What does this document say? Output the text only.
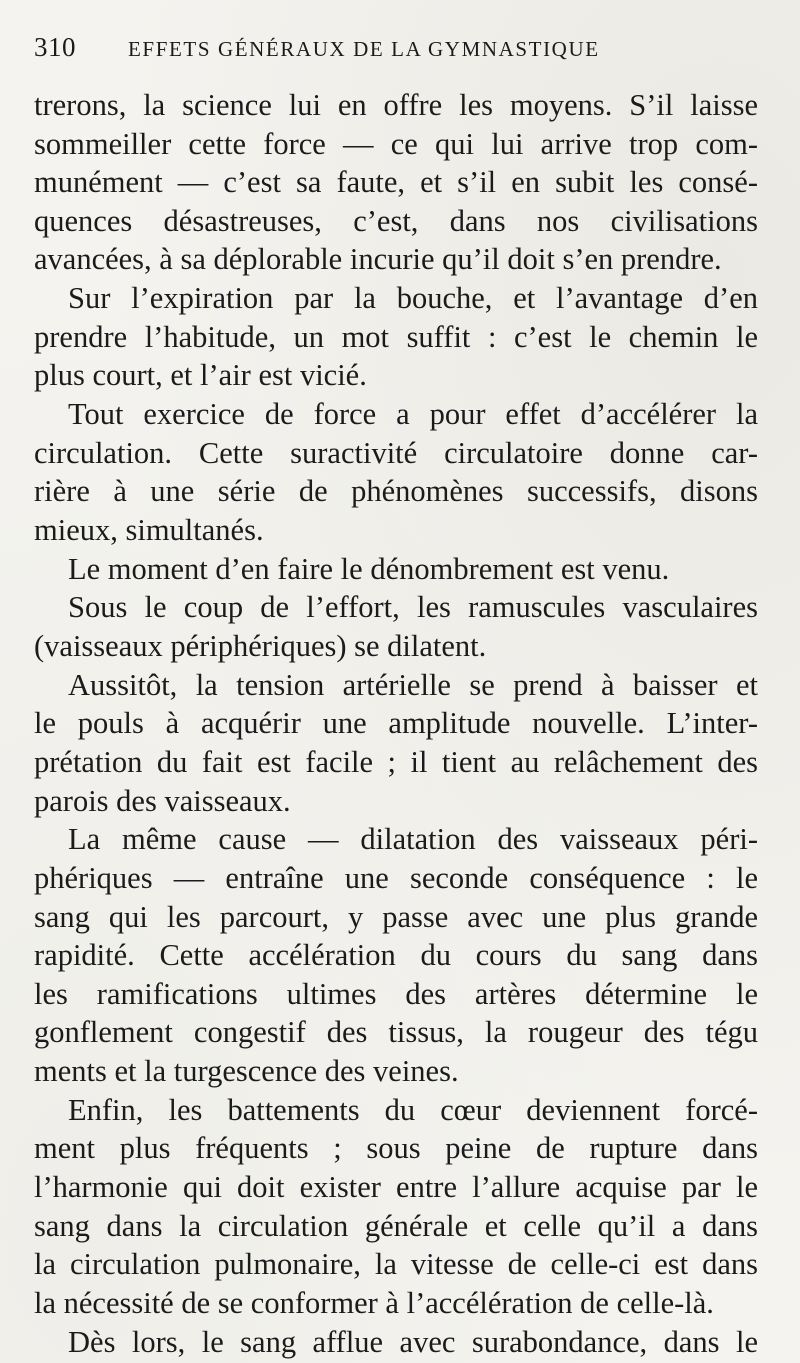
310	EFFETS GÉNÉRAUX DE LA GYMNASTIQUE
trerons, la science lui en offre les moyens. S’il laisse
sommeiller cette force — ce qui lui arrive trop com-
munément — c’est sa faute, et s’il en subit les consé-
quences désastreuses, c’est, dans nos civilisations
avancées, à sa déplorable incurie qu’il doit s’en prendre.
Sur l’expiration par la bouche, et l’avantage d’en
prendre l’habitude, un mot suffit : c’est le chemin le
plus court, et l’air est vicié.
Tout exercice de force a pour effet d’accélérer la
circulation. Cette suractivité circulatoire donne car-
rière à une série de phénomènes successifs, disons
mieux, simultanés.
Le moment d’en faire le dénombrement est venu.
Sous le coup de l’effort, les ramuscules vasculaires
(vaisseaux périphériques) se dilatent.
Aussitôt, la tension artérielle se prend à baisser et
le pouls à acquérir une amplitude nouvelle. L’inter-
prétation du fait est facile ; il tient au relâchement des
parois des vaisseaux.
La même cause — dilatation des vaisseaux péri-
phériques — entraîne une seconde conséquence : le
sang qui les parcourt, y passe avec une plus grande
rapidité. Cette accélération du cours du sang dans
les ramifications ultimes des artères détermine le
gonflement congestif des tissus, la rougeur des tégu
ments et la turgescence des veines.
Enfin, les battements du cœur deviennent forcé-
ment plus fréquents ; sous peine de rupture dans
l’harmonie qui doit exister entre l’allure acquise par le
sang dans la circulation générale et celle qu’il a dans
la circulation pulmonaire, la vitesse de celle-ci est dans
la nécessité de se conformer à l’accélération de celle-là.
Dès lors, le sang afflue avec surabondance, dans le
